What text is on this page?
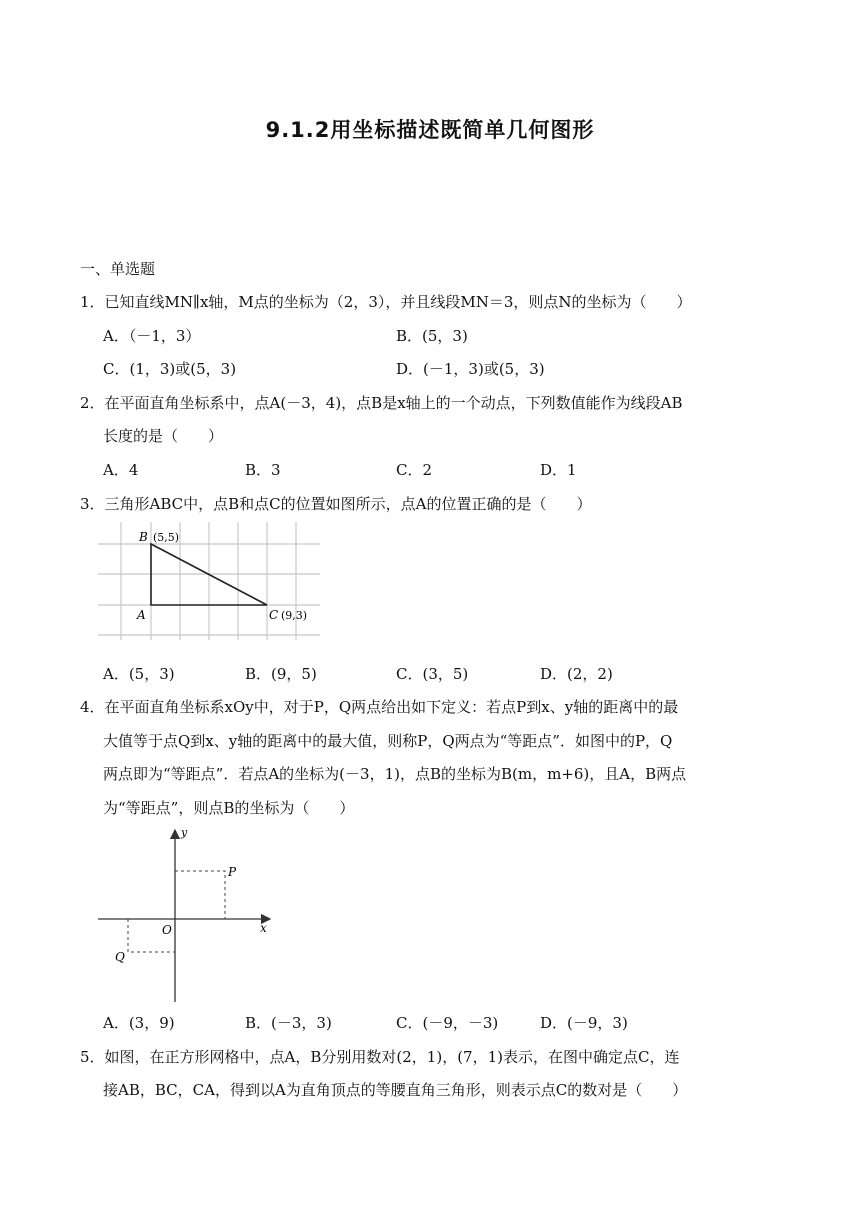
9.1.2用坐标描述既简单几何图形
一、单选题
1．已知直线MN∥x轴，M点的坐标为（2，3），并且线段MN＝3，则点N的坐标为（　　）
A．（－1，3）	B．(5，3)
C．(1，3)或(5，3)	D．(－1，3)或(5，3)
2．在平面直角坐标系中，点A(－3，4)，点B是x轴上的一个动点，下列数值能作为线段AB
长度的是（　　）
A．4	B．3	C．2	D．1
3．三角形ABC中，点B和点C的位置如图所示，点A的位置正确的是（　　）
B (5,5)
A	C (9,3)
A．(5，3)	B．(9，5)	C．(3，5)	D．(2，2)
4．在平面直角坐标系xOy中，对于P，Q两点给出如下定义：若点P到x、y轴的距离中的最
大值等于点Q到x、y轴的距离中的最大值，则称P，Q两点为“等距点”．如图中的P，Q
两点即为“等距点”．若点A的坐标为(－3，1)，点B的坐标为B(m，m+6)，且A，B两点
为“等距点”，则点B的坐标为（　　）
y
x
O
P
Q
A．(3，9)	B．(－3，3)	C．(－9，－3)	D．(－9，3)
5．如图，在正方形网格中，点A，B分别用数对(2，1)，(7，1)表示，在图中确定点C，连
接AB，BC，CA，得到以A为直角顶点的等腰直角三角形，则表示点C的数对是（　　）
